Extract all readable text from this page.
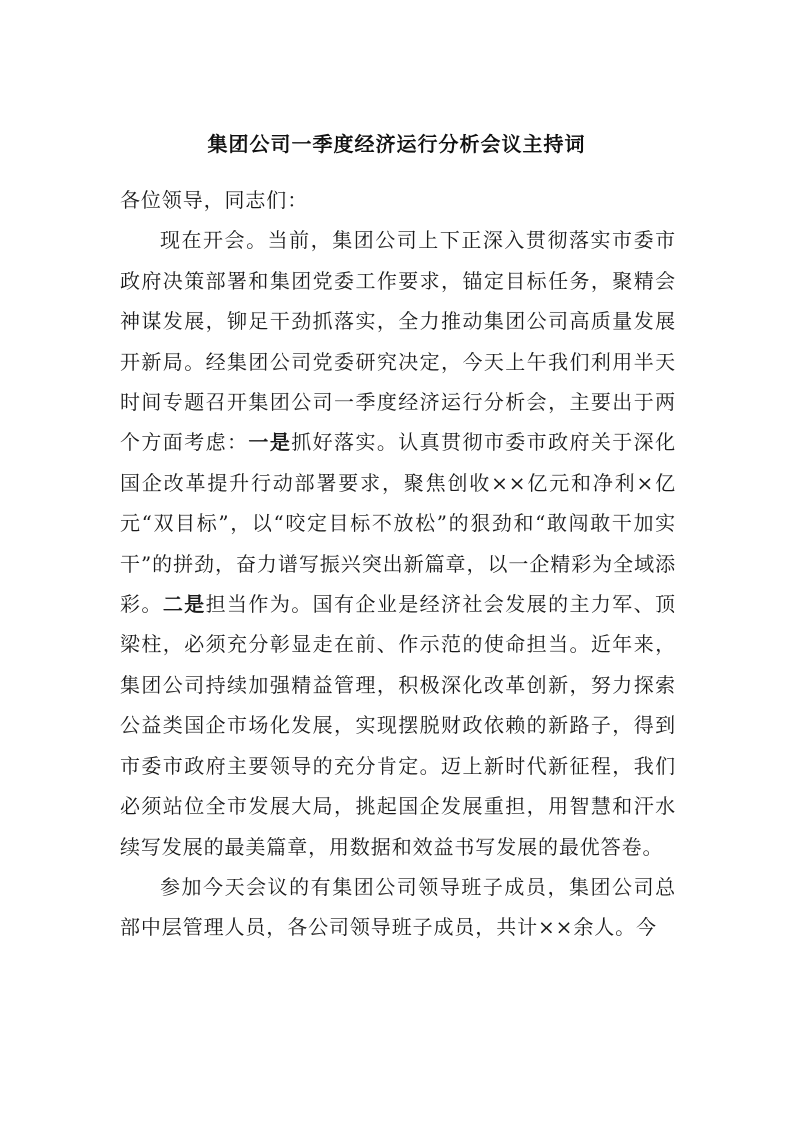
集团公司一季度经济运行分析会议主持词

各位领导，同志们：

现在开会。当前，集团公司上下正深入贯彻落实市委市政府决策部署和集团党委工作要求，锚定目标任务，聚精会神谋发展，铆足干劲抓落实，全力推动集团公司高质量发展开新局。经集团公司党委研究决定，今天上午我们利用半天时间专题召开集团公司一季度经济运行分析会，主要出于两个方面考虑：一是抓好落实。认真贯彻市委市政府关于深化国企改革提升行动部署要求，聚焦创收××亿元和净利×亿元“双目标”，以“咬定目标不放松”的狠劲和“敢闯敢干加实干”的拼劲，奋力谱写振兴突出新篇章，以一企精彩为全域添彩。二是担当作为。国有企业是经济社会发展的主力军、顶梁柱，必须充分彰显走在前、作示范的使命担当。近年来，集团公司持续加强精益管理，积极深化改革创新，努力探索公益类国企市场化发展，实现摆脱财政依赖的新路子，得到市委市政府主要领导的充分肯定。迈上新时代新征程，我们必须站位全市发展大局，挑起国企发展重担，用智慧和汗水续写发展的最美篇章，用数据和效益书写发展的最优答卷。

参加今天会议的有集团公司领导班子成员，集团公司总部中层管理人员，各公司领导班子成员，共计××余人。今
